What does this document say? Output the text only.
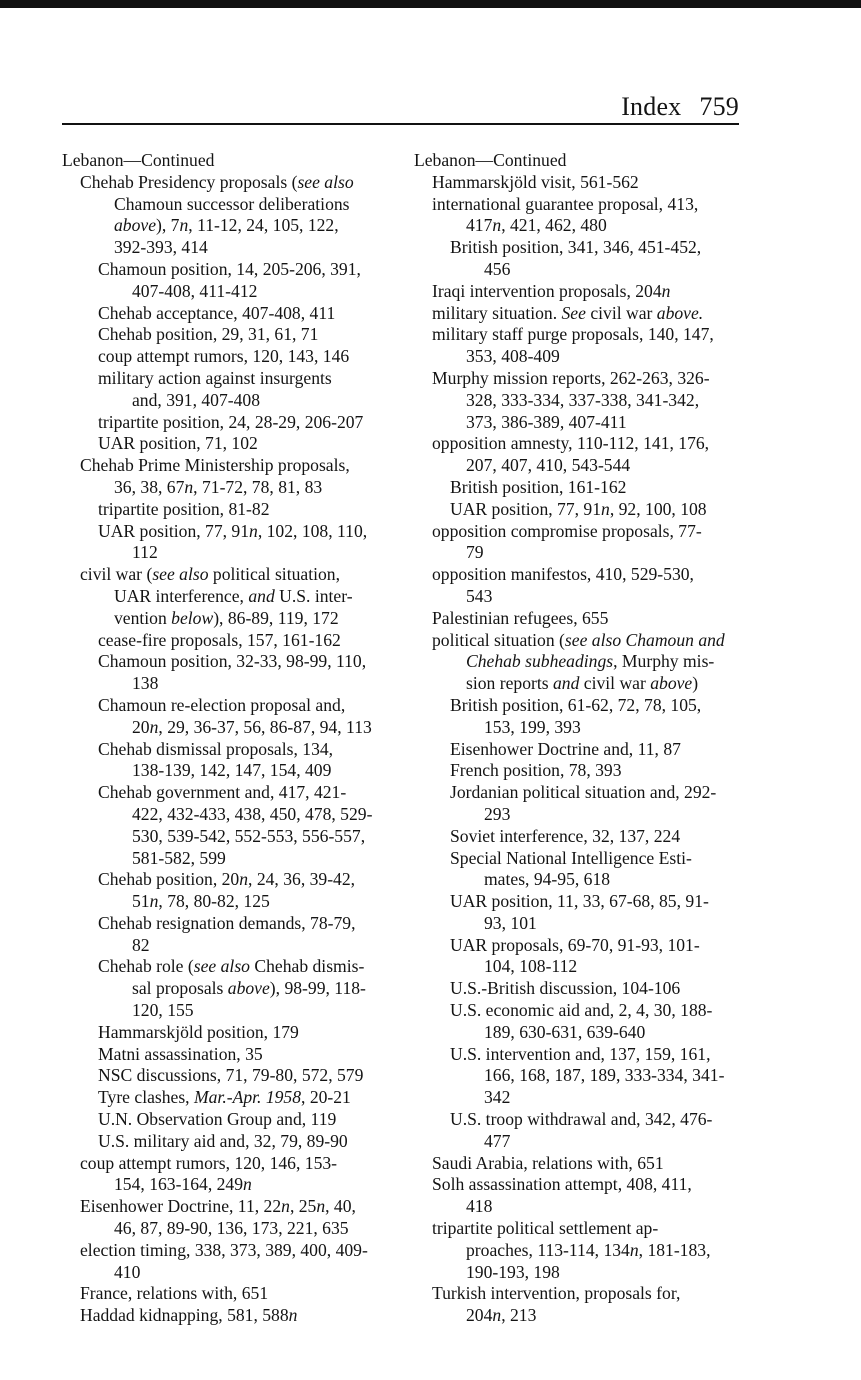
Index 759
Lebanon—Continued
Chehab Presidency proposals (see also
Chamoun successor deliberations
above), 7n, 11-12, 24, 105, 122,
392-393, 414
Chamoun position, 14, 205-206, 391,
407-408, 411-412
Chehab acceptance, 407-408, 411
Chehab position, 29, 31, 61, 71
coup attempt rumors, 120, 143, 146
military action against insurgents
and, 391, 407-408
tripartite position, 24, 28-29, 206-207
UAR position, 71, 102
Chehab Prime Ministership proposals,
36, 38, 67n, 71-72, 78, 81, 83
tripartite position, 81-82
UAR position, 77, 91n, 102, 108, 110,
112
civil war (see also political situation,
UAR interference, and U.S. inter-
vention below), 86-89, 119, 172
cease-fire proposals, 157, 161-162
Chamoun position, 32-33, 98-99, 110,
138
Chamoun re-election proposal and,
20n, 29, 36-37, 56, 86-87, 94, 113
Chehab dismissal proposals, 134,
138-139, 142, 147, 154, 409
Chehab government and, 417, 421-
422, 432-433, 438, 450, 478, 529-
530, 539-542, 552-553, 556-557,
581-582, 599
Chehab position, 20n, 24, 36, 39-42,
51n, 78, 80-82, 125
Chehab resignation demands, 78-79,
82
Chehab role (see also Chehab dismis-
sal proposals above), 98-99, 118-
120, 155
Hammarskjöld position, 179
Matni assassination, 35
NSC discussions, 71, 79-80, 572, 579
Tyre clashes, Mar.-Apr. 1958, 20-21
U.N. Observation Group and, 119
U.S. military aid and, 32, 79, 89-90
coup attempt rumors, 120, 146, 153-
154, 163-164, 249n
Eisenhower Doctrine, 11, 22n, 25n, 40,
46, 87, 89-90, 136, 173, 221, 635
election timing, 338, 373, 389, 400, 409-
410
France, relations with, 651
Haddad kidnapping, 581, 588n
Lebanon—Continued
Hammarskjöld visit, 561-562
international guarantee proposal, 413,
417n, 421, 462, 480
British position, 341, 346, 451-452,
456
Iraqi intervention proposals, 204n
military situation. See civil war above.
military staff purge proposals, 140, 147,
353, 408-409
Murphy mission reports, 262-263, 326-
328, 333-334, 337-338, 341-342,
373, 386-389, 407-411
opposition amnesty, 110-112, 141, 176,
207, 407, 410, 543-544
British position, 161-162
UAR position, 77, 91n, 92, 100, 108
opposition compromise proposals, 77-
79
opposition manifestos, 410, 529-530,
543
Palestinian refugees, 655
political situation (see also Chamoun and
Chehab subheadings, Murphy mis-
sion reports and civil war above)
British position, 61-62, 72, 78, 105,
153, 199, 393
Eisenhower Doctrine and, 11, 87
French position, 78, 393
Jordanian political situation and, 292-
293
Soviet interference, 32, 137, 224
Special National Intelligence Esti-
mates, 94-95, 618
UAR position, 11, 33, 67-68, 85, 91-
93, 101
UAR proposals, 69-70, 91-93, 101-
104, 108-112
U.S.-British discussion, 104-106
U.S. economic aid and, 2, 4, 30, 188-
189, 630-631, 639-640
U.S. intervention and, 137, 159, 161,
166, 168, 187, 189, 333-334, 341-
342
U.S. troop withdrawal and, 342, 476-
477
Saudi Arabia, relations with, 651
Solh assassination attempt, 408, 411,
418
tripartite political settlement ap-
proaches, 113-114, 134n, 181-183,
190-193, 198
Turkish intervention, proposals for,
204n, 213
